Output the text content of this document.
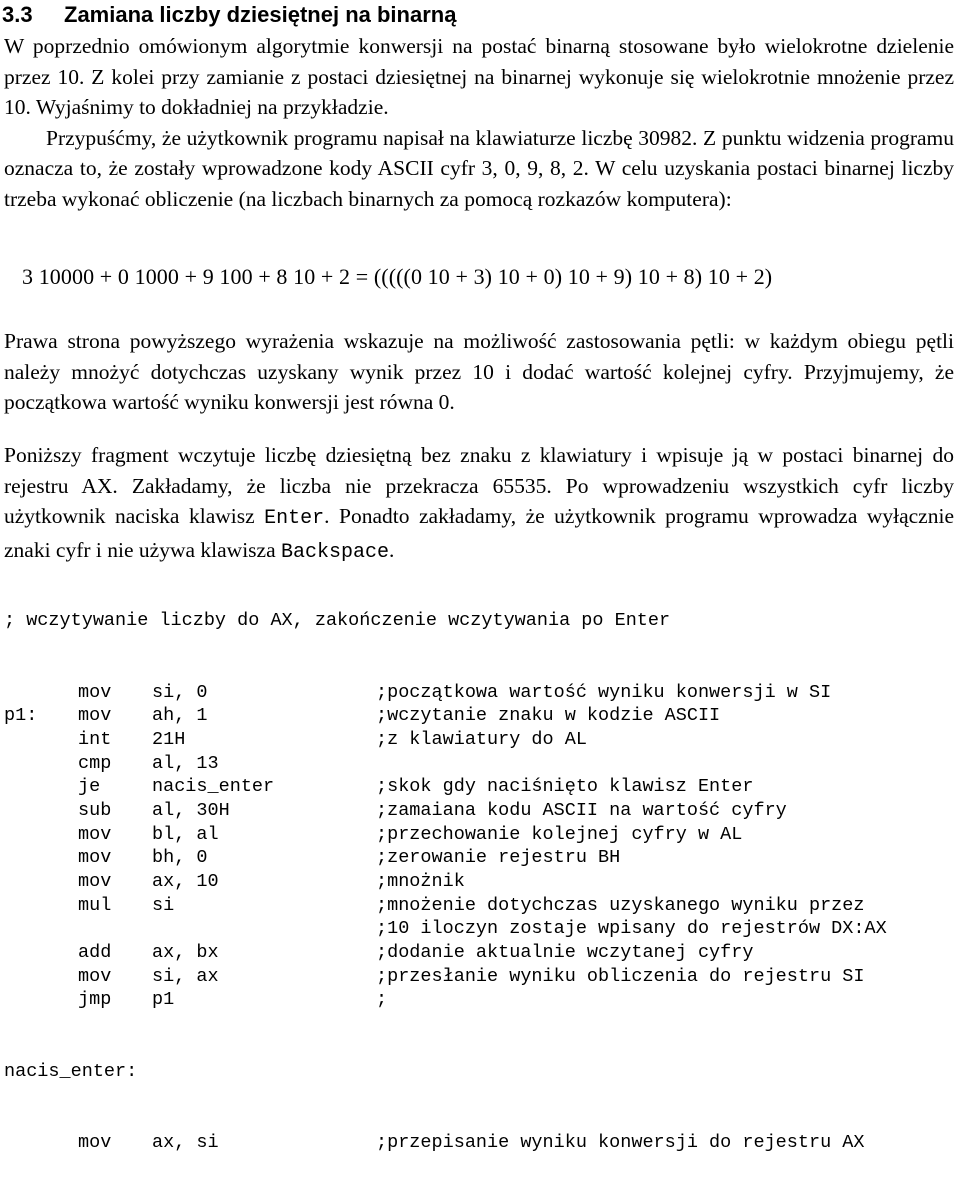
3.3 Zamiana liczby dziesiętnej na binarną
W poprzednio omówionym algorytmie konwersji na postać binarną stosowane było wielokrotne dzielenie przez 10. Z kolei przy zamianie z postaci dziesiętnej na binarnej wykonuje się wielokrotnie mnożenie przez 10. Wyjaśnimy to dokładniej na przykładzie.
Przypuśćmy, że użytkownik programu napisał na klawiaturze liczbę 30982. Z punktu widzenia programu oznacza to, że zostały wprowadzone kody ASCII cyfr 3, 0, 9, 8, 2. W celu uzyskania postaci binarnej liczby trzeba wykonać obliczenie (na liczbach binarnych za pomocą rozkazów komputera):
3 10000 + 0 1000 + 9 100 + 8 10 + 2 = (((((0 10 + 3) 10 + 0) 10 + 9) 10 + 8) 10 + 2)
Prawa strona powyższego wyrażenia wskazuje na możliwość zastosowania pętli: w każdym obiegu pętli należy mnożyć dotychczas uzyskany wynik przez 10 i dodać wartość kolejnej cyfry. Przyjmujemy, że początkowa wartość wyniku konwersji jest równa 0.
Poniższy fragment wczytuje liczbę dziesiętną bez znaku z klawiatury i wpisuje ją w postaci binarnej do rejestru AX. Zakładamy, że liczba nie przekracza 65535. Po wprowadzeniu wszystkich cyfr liczby użytkownik naciska klawisz Enter. Ponadto zakładamy, że użytkownik programu wprowadza wyłącznie znaki cyfr i nie używa klawisza Backspace.

; wczytywanie liczby do AX, zakończenie wczytywania po Enter

mov si, 0	;początkowa wartość wyniku konwersji w SI
p1: mov ah, 1	;wczytanie znaku w kodzie ASCII
int 21H	;z klawiatury do AL
cmp al, 13
je	nacis_enter	;skok gdy naciśnięto klawisz Enter
sub al, 30H	;zamaiana kodu ASCII na wartość cyfry
mov bl, al	;przechowanie kolejnej cyfry w AL
mov bh, 0	;zerowanie rejestru BH
mov ax, 10	;mnożnik
mul si	;mnożenie dotychczas uzyskanego wyniku przez
;10 iloczyn zostaje wpisany do rejestrów DX:AX
add ax, bx	;dodanie aktualnie wczytanej cyfry
mov si, ax	;przesłanie wyniku obliczenia do rejestru SI
jmp p1	;

nacis_enter:

mov ax, si	;przepisanie wyniku konwersji do rejestru AX
